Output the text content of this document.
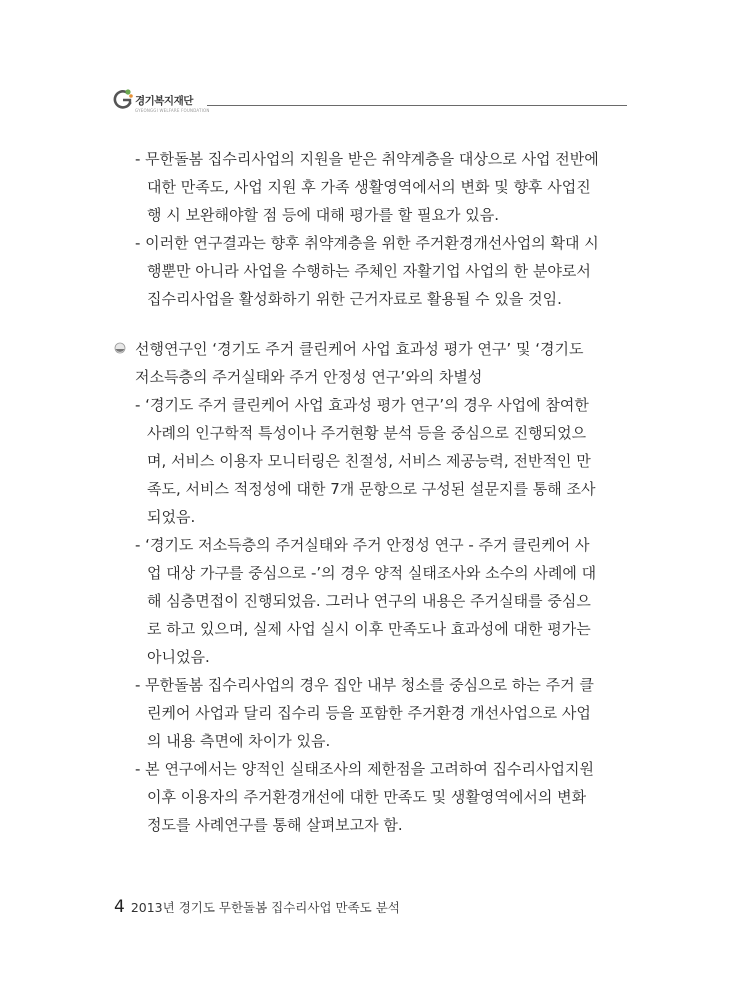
경기복지재단
GYEONGGI WELFARE FOUNDATION
- 무한돌봄 집수리사업의 지원을 받은 취약계층을 대상으로 사업 전반에
대한 만족도, 사업 지원 후 가족 생활영역에서의 변화 및 향후 사업진
행 시 보완해야할 점 등에 대해 평가를 할 필요가 있음.
- 이러한 연구결과는 향후 취약계층을 위한 주거환경개선사업의 확대 시
행뿐만 아니라 사업을 수행하는 주체인 자활기업 사업의 한 분야로서
집수리사업을 활성화하기 위한 근거자료로 활용될 수 있을 것임.
선행연구인 ‘경기도 주거 클린케어 사업 효과성 평가 연구’ 및 ‘경기도
저소득층의 주거실태와 주거 안정성 연구’와의 차별성
- ‘경기도 주거 클린케어 사업 효과성 평가 연구’의 경우 사업에 참여한
사례의 인구학적 특성이나 주거현황 분석 등을 중심으로 진행되었으
며, 서비스 이용자 모니터링은 친절성, 서비스 제공능력, 전반적인 만
족도, 서비스 적정성에 대한 7개 문항으로 구성된 설문지를 통해 조사
되었음.
- ‘경기도 저소득층의 주거실태와 주거 안정성 연구 - 주거 클린케어 사
업 대상 가구를 중심으로 -’의 경우 양적 실태조사와 소수의 사례에 대
해 심층면접이 진행되었음. 그러나 연구의 내용은 주거실태를 중심으
로 하고 있으며, 실제 사업 실시 이후 만족도나 효과성에 대한 평가는
아니었음.
- 무한돌봄 집수리사업의 경우 집안 내부 청소를 중심으로 하는 주거 클
린케어 사업과 달리 집수리 등을 포함한 주거환경 개선사업으로 사업
의 내용 측면에 차이가 있음.
- 본 연구에서는 양적인 실태조사의 제한점을 고려하여 집수리사업지원
이후 이용자의 주거환경개선에 대한 만족도 및 생활영역에서의 변화
정도를 사례연구를 통해 살펴보고자 함.
4 2013년 경기도 무한돌봄 집수리사업 만족도 분석
